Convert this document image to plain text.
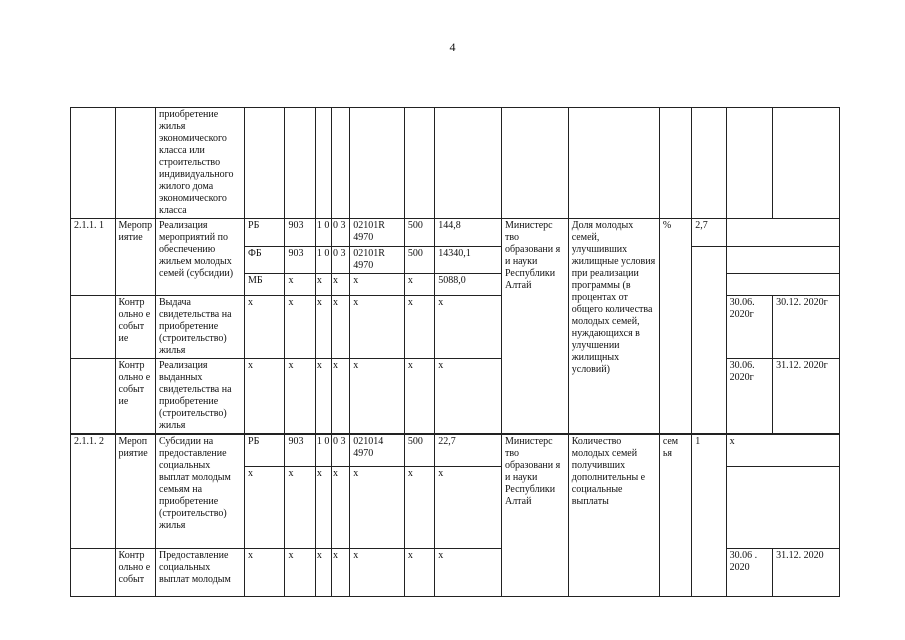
4
		приобретение жилья экономического класса или строительство индивидуального жилого дома экономического класса													
2.1.1. 1	Меропр иятие	Реализация мероприятий по обеспечению жильем молодых семей (субсидии)	РБ	903	1 0	0 3	02101R 4970	500	144,8	Министерс тво образовани я и науки Республики Алтай	Доля молодых семей, улучшивших жилищные условия при реализации программы (в процентах от общего количества молодых семей, нуждающихся в улучшении жилищных условий)	%	2,7		
			ФБ	903	1 0	0 3	02101R 4970	500	14340,1						
			МБ	х	х	х	х	х	5088,0						
	Контр ольно е событ ие	Выдача свидетельства на приобретение (строительство) жилья	х	х	х	х	х	х	х					30.06. 2020г	30.12. 2020г
	Контр ольно е событ ие	Реализация выданных свидетельства на приобретение (строительство) жилья	х	х	х	х	х	х	х					30.06. 2020г	31.12. 2020г
2.1.1. 2	Мероп риятие	Субсидии на предоставление социальных выплат молодым семьям на приобретение (строительство) жилья	РБ	903	1 0	0 3	021014 4970	500	22,7	Министерс тво образовани я и науки Республики Алтай	Количество молодых семей получивших дополнительны е социальные выплаты	сем ья	1	х	
			х	х	х	х	х	х	х						
	Контр ольно е событ	Предоставление социальных выплат молодым	х	х	х	х	х	х	х					30.06 . 2020	31.12. 2020
